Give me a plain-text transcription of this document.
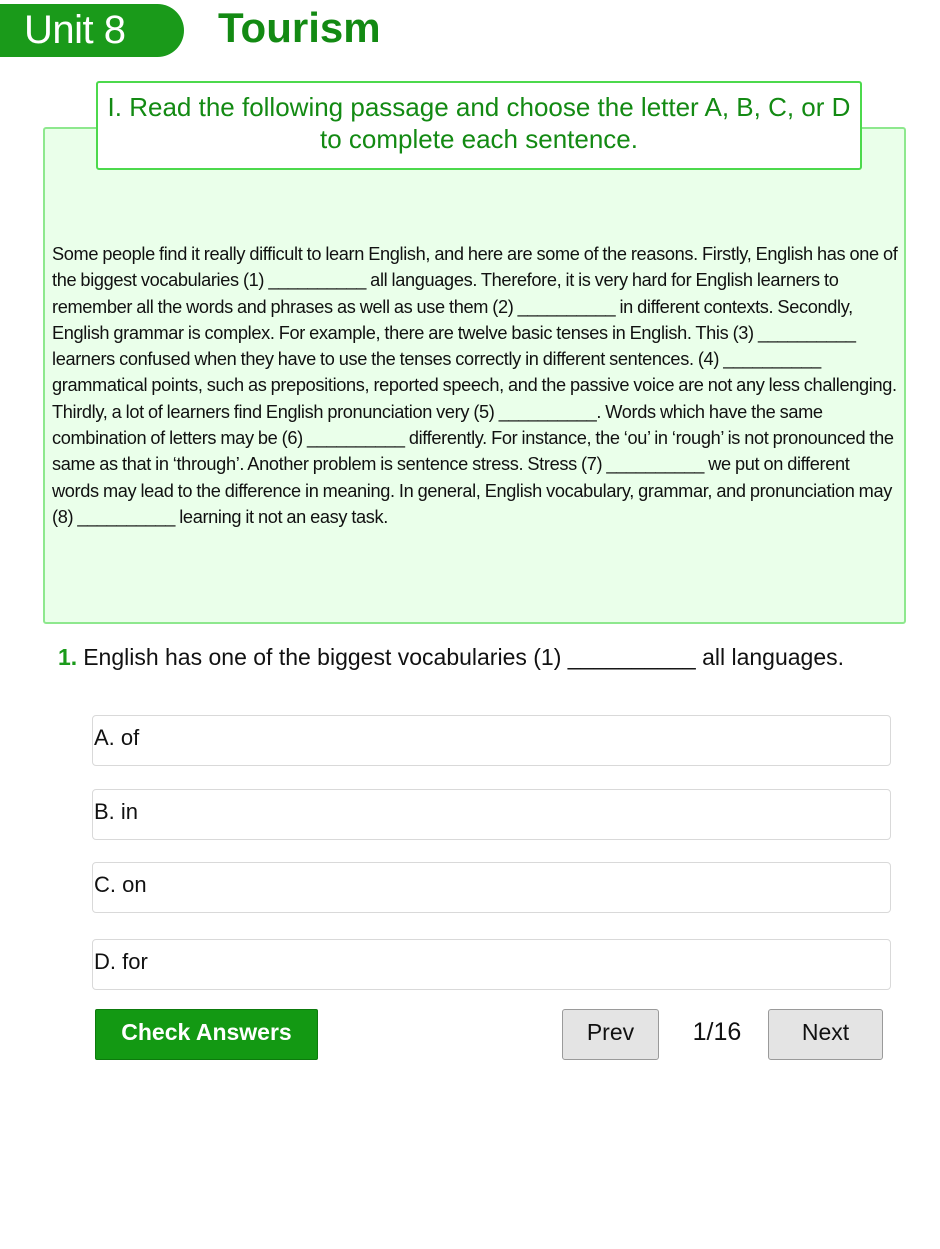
Unit 8	Tourism
I. Read the following passage and choose the letter A, B, C, or D to complete each sentence.
Some people find it really difficult to learn English, and here are some of the reasons. Firstly, English has one of the biggest vocabularies (1) __________ all languages. Therefore, it is very hard for English learners to remember all the words and phrases as well as use them (2) __________ in different contexts. Secondly, English grammar is complex. For example, there are twelve basic tenses in English. This (3) __________ learners confused when they have to use the tenses correctly in different sentences. (4) __________ grammatical points, such as prepositions, reported speech, and the passive voice are not any less challenging. Thirdly, a lot of learners find English pronunciation very (5) __________. Words which have the same combination of letters may be (6) __________ differently. For instance, the ‘ou’ in ‘rough’ is not pronounced the same as that in ‘through’. Another problem is sentence stress. Stress (7) __________ we put on different words may lead to the difference in meaning. In general, English vocabulary, grammar, and pronunciation may (8) __________ learning it not an easy task.
1. English has one of the biggest vocabularies (1) __________ all languages.
A. of
B. in
C. on
D. for
Check Answers	Prev	1/16	Next
